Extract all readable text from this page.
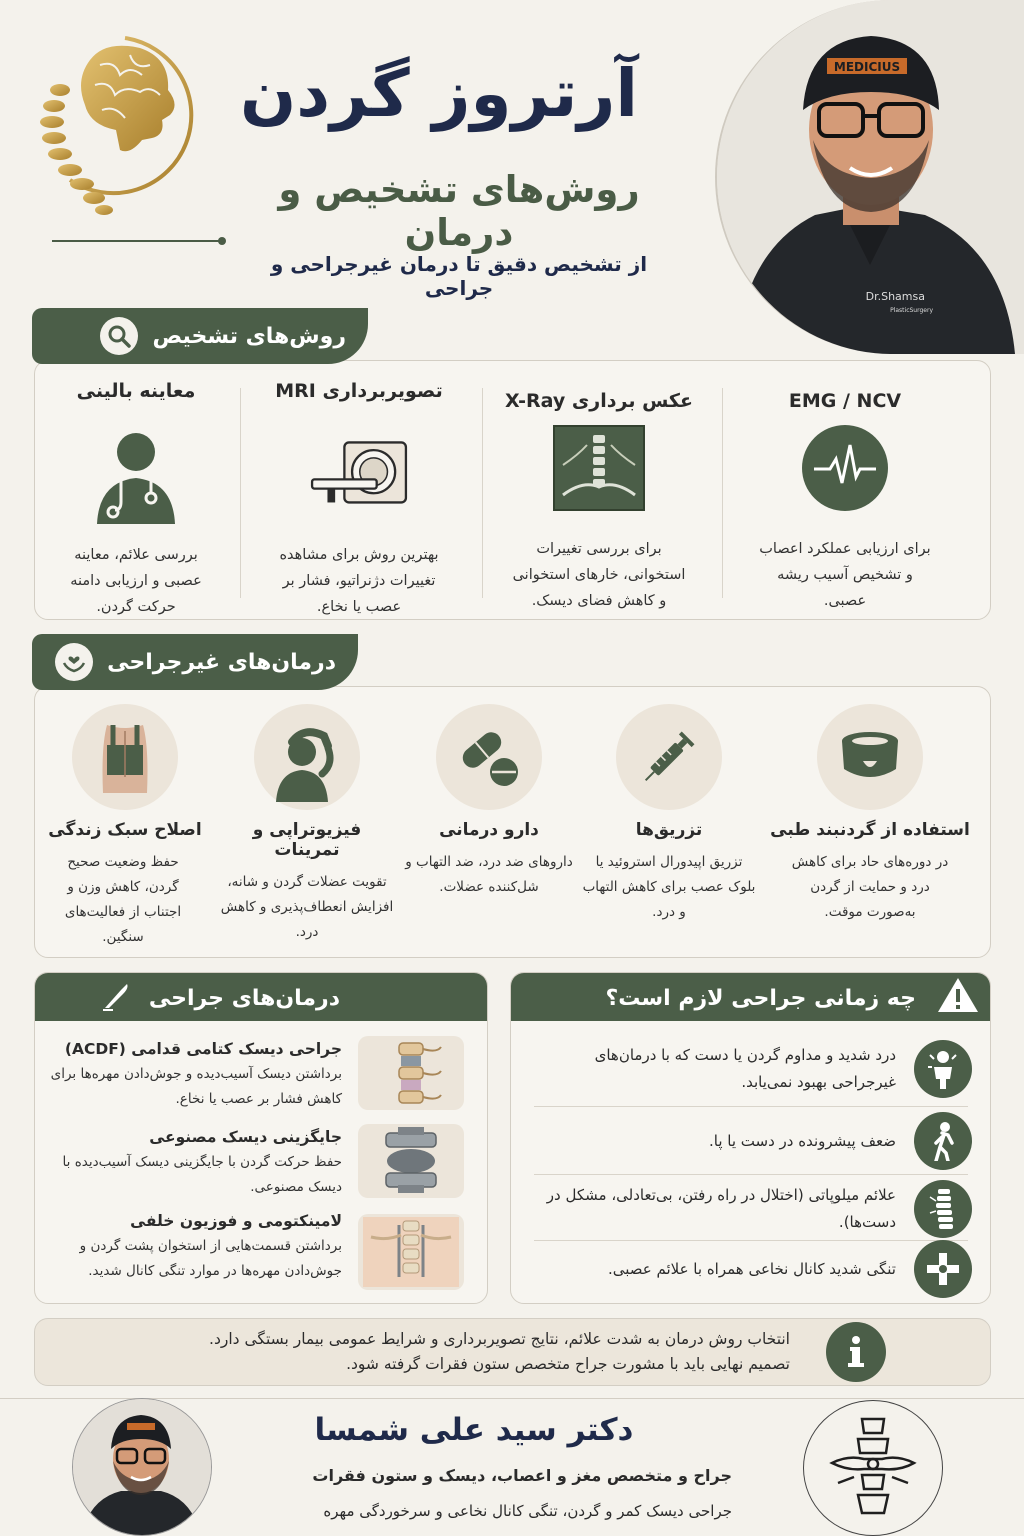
آرتروز گردن
روش‌های تشخیص و درمان
از تشخیص دقیق تا درمان غیرجراحی و جراحی
MEDICIUS
Dr.Shamsa
PlasticSurgery
روش‌های تشخیص
EMG / NCV
برای ارزیابی عملکرد اعصاب و تشخیص آسیب ریشه عصبی.
عکس برداری X-Ray
برای بررسی تغییرات استخوانی، خارهای استخوانی و کاهش فضای دیسک.
تصویربرداری MRI
بهترین روش برای مشاهده تغییرات دژنراتیو، فشار بر عصب یا نخاع.
معاینه بالینی
بررسی علائم، معاینه عصبی و ارزیابی دامنه حرکت گردن.
درمان‌های غیرجراحی
استفاده از گردنبند طبی
در دوره‌های حاد برای کاهش درد و حمایت از گردن به‌صورت موقت.
تزریق‌ها
تزریق اپیدورال استروئید یا بلوک عصب برای کاهش التهاب و درد.
دارو درمانی
داروهای ضد درد، ضد التهاب و شل‌کننده عضلات.
فیزیوتراپی و تمرینات
تقویت عضلات گردن و شانه، افزایش انعطاف‌پذیری و کاهش درد.
اصلاح سبک زندگی
حفظ وضعیت صحیح گردن، کاهش وزن و اجتناب از فعالیت‌های سنگین.
درمان‌های جراحی
جراحی دیسک کتامی قدامی (ACDF)
برداشتن دیسک آسیب‌دیده و جوش‌دادن مهره‌ها برای کاهش فشار بر عصب یا نخاع.
جایگزینی دیسک مصنوعی
حفظ حرکت گردن با جایگزینی دیسک آسیب‌دیده با دیسک مصنوعی.
لامینکتومی و فوزیون خلفی
برداشتن قسمت‌هایی از استخوان پشت گردن و جوش‌دادن مهره‌ها در موارد تنگی کانال شدید.
چه زمانی جراحی لازم است؟
درد شدید و مداوم گردن یا دست که با درمان‌های غیرجراحی بهبود نمی‌یابد.
ضعف پیشرونده در دست یا پا.
علائم میلوپاتی (اختلال در راه رفتن، بی‌تعادلی، مشکل در دست‌ها).
تنگی شدید کانال نخاعی همراه با علائم عصبی.
انتخاب روش درمان به شدت علائم، نتایج تصویربرداری و شرایط عمومی بیمار بستگی دارد.
تصمیم نهایی باید با مشورت جراح متخصص ستون فقرات گرفته شود.
دکتر سید علی شمسا
جراح و متخصص مغز و اعصاب، دیسک و ستون فقرات
جراحی دیسک کمر و گردن، تنگی کانال نخاعی و سرخوردگی مهره
